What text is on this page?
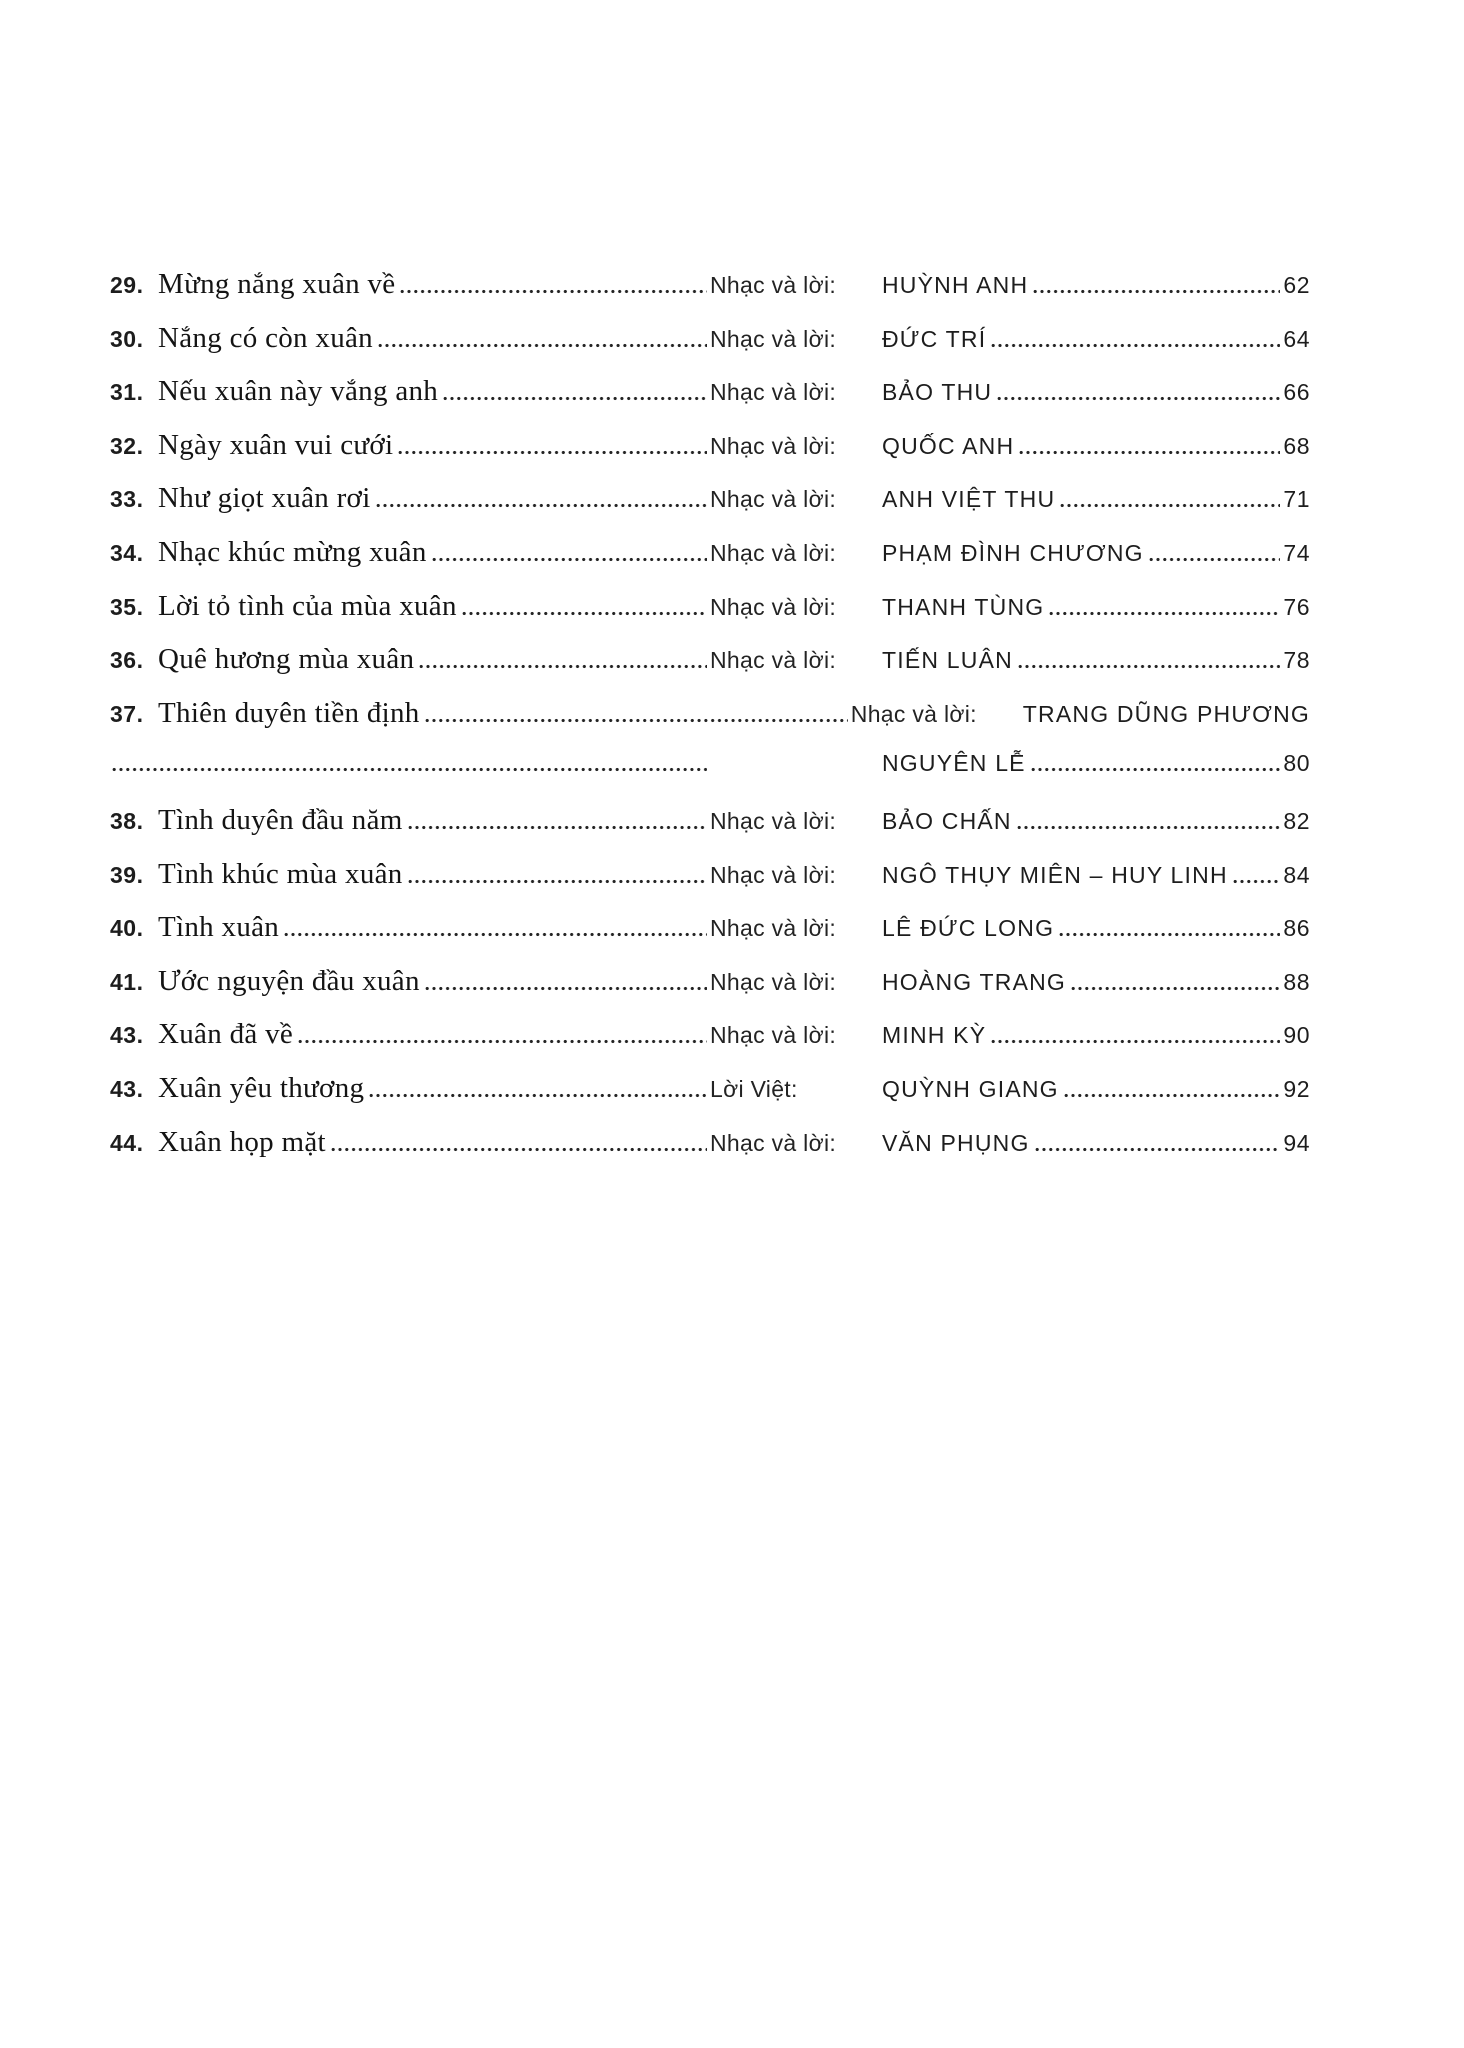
29. Mừng nắng xuân về	Nhạc và lời:	HUỲNH ANH	62
30. Nắng có còn xuân	Nhạc và lời:	ĐỨC TRÍ	64
31. Nếu xuân này vắng anh	Nhạc và lời:	BẢO THU	66
32. Ngày xuân vui cưới	Nhạc và lời:	QUỐC ANH	68
33. Như giọt xuân rơi	Nhạc và lời:	ANH VIỆT THU	71
34. Nhạc khúc mừng xuân	Nhạc và lời:	PHẠM ĐÌNH CHƯƠNG	74
35. Lời tỏ tình của mùa xuân	Nhạc và lời:	THANH TÙNG	76
36. Quê hương mùa xuân	Nhạc và lời:	TIẾN LUÂN	78
37. Thiên duyên tiền định	Nhạc và lời:	TRANG DŨNG PHƯƠNG
NGUYÊN LỄ	80
38. Tình duyên đầu năm	Nhạc và lời:	BẢO CHẤN	82
39. Tình khúc mùa xuân	Nhạc và lời:	NGÔ THỤY MIÊN – HUY LINH 84
40. Tình xuân	Nhạc và lời:	LÊ ĐỨC LONG	86
41. Ước nguyện đầu xuân	Nhạc và lời:	HOÀNG TRANG	88
43. Xuân đã về	Nhạc và lời:	MINH KỲ	90
43. Xuân yêu thương	Lời Việt:	QUỲNH GIANG	92
44. Xuân họp mặt	Nhạc và lời:	VĂN PHỤNG	94
